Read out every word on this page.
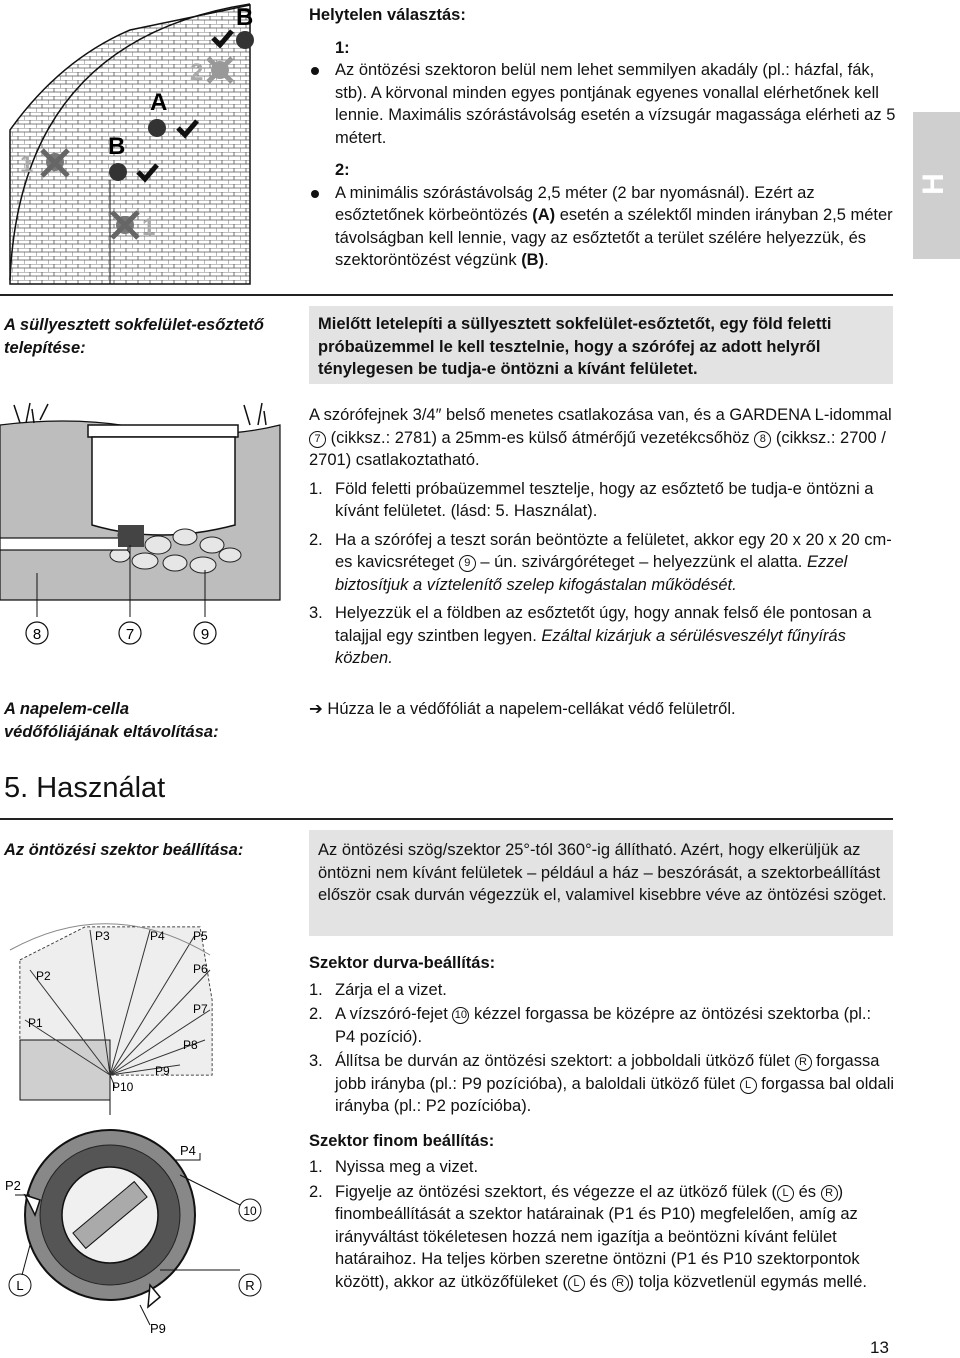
H
B
A
B
2
1
1
Helytelen választás:
1:
Az öntözési szektoron belül nem lehet semmilyen akadály (pl.: házfal, fák, stb). A körvonal minden egyes pontjának egyenes vonallal elérhetőnek kell lennie. Maximális szórástávolság esetén a vízsugár magassága elérheti az 5 métert.
2:
A minimális szórástávolság 2,5 méter (2 bar nyomásnál). Ezért az esőztetőnek körbeöntözés (A) esetén a szélektől minden irányban 2,5 méter távolságban kell lennie, vagy az esőztetőt a terület szélére helyezzük, és szektoröntözést végzünk (B).
A süllyesztett sokfelület-esőztető telepítése:
Mielőtt letelepíti a süllyesztett sokfelület-esőztetőt, egy föld feletti próbaüzemmel le kell tesztelnie, hogy a szórófej az adott helyről ténylegesen be tudja-e öntözni a kívánt felületet.
8	7	9
A szórófejnek 3/4″ belső menetes csatlakozása van, és a GARDENA L-idommal 7 (cikksz.: 2781) a 25mm-es külső átmérőjű vezetékcsőhöz 8 (cikksz.: 2700 / 2701) csatlakoztatható.
1. Föld feletti próbaüzemmel tesztelje, hogy az esőztető be tudja-e öntözni a kívánt felületet. (lásd: 5. Használat).
2. Ha a szórófej a teszt során beöntözte a felületet, akkor egy 20 x 20 x 20 cm-es kavicsréteget 9 – ún. szivárgóréteget – helyezzünk el alatta. Ezzel biztosítjuk a víztelenítő szelep kifogástalan működését.
3. Helyezzük el a földben az esőztetőt úgy, hogy annak felső éle pontosan a talajjal egy szintben legyen. Ezáltal kizárjuk a sérülésveszélyt fűnyírás közben.
A napelem-cella védőfóliájának eltávolítása:
➔ Húzza le a védőfóliát a napelem-cellákat védő felületről.
5. Használat
Az öntözési szektor beállítása:	Az öntözési szög/szektor 25°-tól 360°-ig állítható. Azért, hogy elkerüljük az öntözni nem kívánt felületek – például a ház – beszórását, a szektorbeállítást először csak durván végezzük el, valamivel kisebbre véve az öntözési szöget.
Szektor durva-beállítás:
1. Zárja el a vizet.
2. A vízszóró-fejet 10 kézzel forgassa be középre az öntözési szektorba (pl.: P4 pozíció).
3. Állítsa be durván az öntözési szektort: a jobboldali ütköző fület R forgassa jobb irányba (pl.: P9 pozícióba), a baloldali ütköző fület L forgassa bal oldali irányba (pl.: P2 pozícióba).
Szektor finom beállítás:
1. Nyissa meg a vizet.
2. Figyelje az öntözési szektort, és végezze el az ütköző fülek ( L és R ) finombeállítását a szektor határainak (P1 és P10) megfelelően, amíg az irányváltást tökéletesen hozzá nem igazítja a beöntözni kívánt felület határaihoz. Ha teljes körben szeretne öntözni (P1 és P10 szektorpontok között), akkor az ütközőfüleket ( L és R ) tolja közvetlenül egymás mellé.
P1
P2
P3	P4 P5
P6
P7
P8
P9
P10
P4
P2
P9
10
R
L
13
